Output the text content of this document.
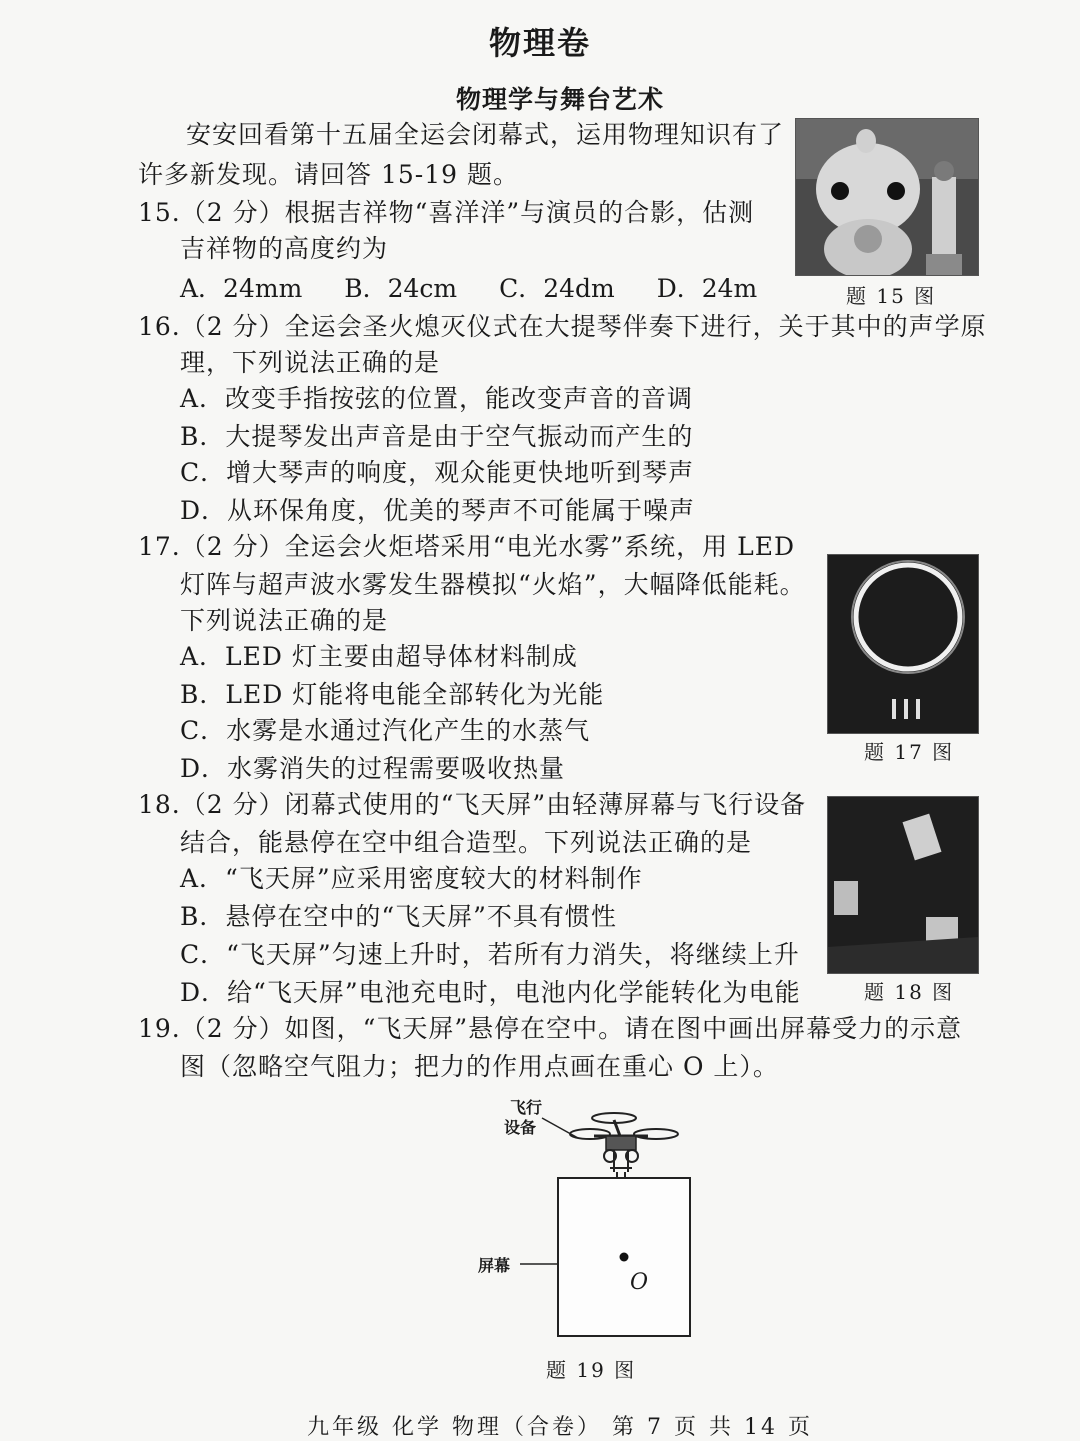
物理卷
物理学与舞台艺术
安安回看第十五届全运会闭幕式，运用物理知识有了
许多新发现。请回答 15-19 题。
15.（2 分）根据吉祥物“喜洋洋”与演员的合影，估测
吉祥物的高度约为
A．24mm B．24cm C．24dm D．24m	题 15 图
16.（2 分）全运会圣火熄灭仪式在大提琴伴奏下进行，关于其中的声学原
理，下列说法正确的是
A．改变手指按弦的位置，能改变声音的音调
B．大提琴发出声音是由于空气振动而产生的
C．增大琴声的响度，观众能更快地听到琴声
D．从环保角度，优美的琴声不可能属于噪声
17.（2 分）全运会火炬塔采用“电光水雾”系统，用 LED
灯阵与超声波水雾发生器模拟“火焰”，大幅降低能耗。
下列说法正确的是
A．LED 灯主要由超导体材料制成
B．LED 灯能将电能全部转化为光能
C．水雾是水通过汽化产生的水蒸气
D．水雾消失的过程需要吸收热量
题 17 图
18.（2 分）闭幕式使用的“飞天屏”由轻薄屏幕与飞行设备
结合，能悬停在空中组合造型。下列说法正确的是
A．“飞天屏”应采用密度较大的材料制作
B．悬停在空中的“飞天屏”不具有惯性
C．“飞天屏”匀速上升时，若所有力消失，将继续上升
D．给“飞天屏”电池充电时，电池内化学能转化为电能	题 18 图
19.（2 分）如图，“飞天屏”悬停在空中。请在图中画出屏幕受力的示意
图（忽略空气阻力；把力的作用点画在重心 O 上）。
飞行
设备
屏幕
O
题 19 图
九年级 化学 物理（合卷） 第 7 页 共 14 页
